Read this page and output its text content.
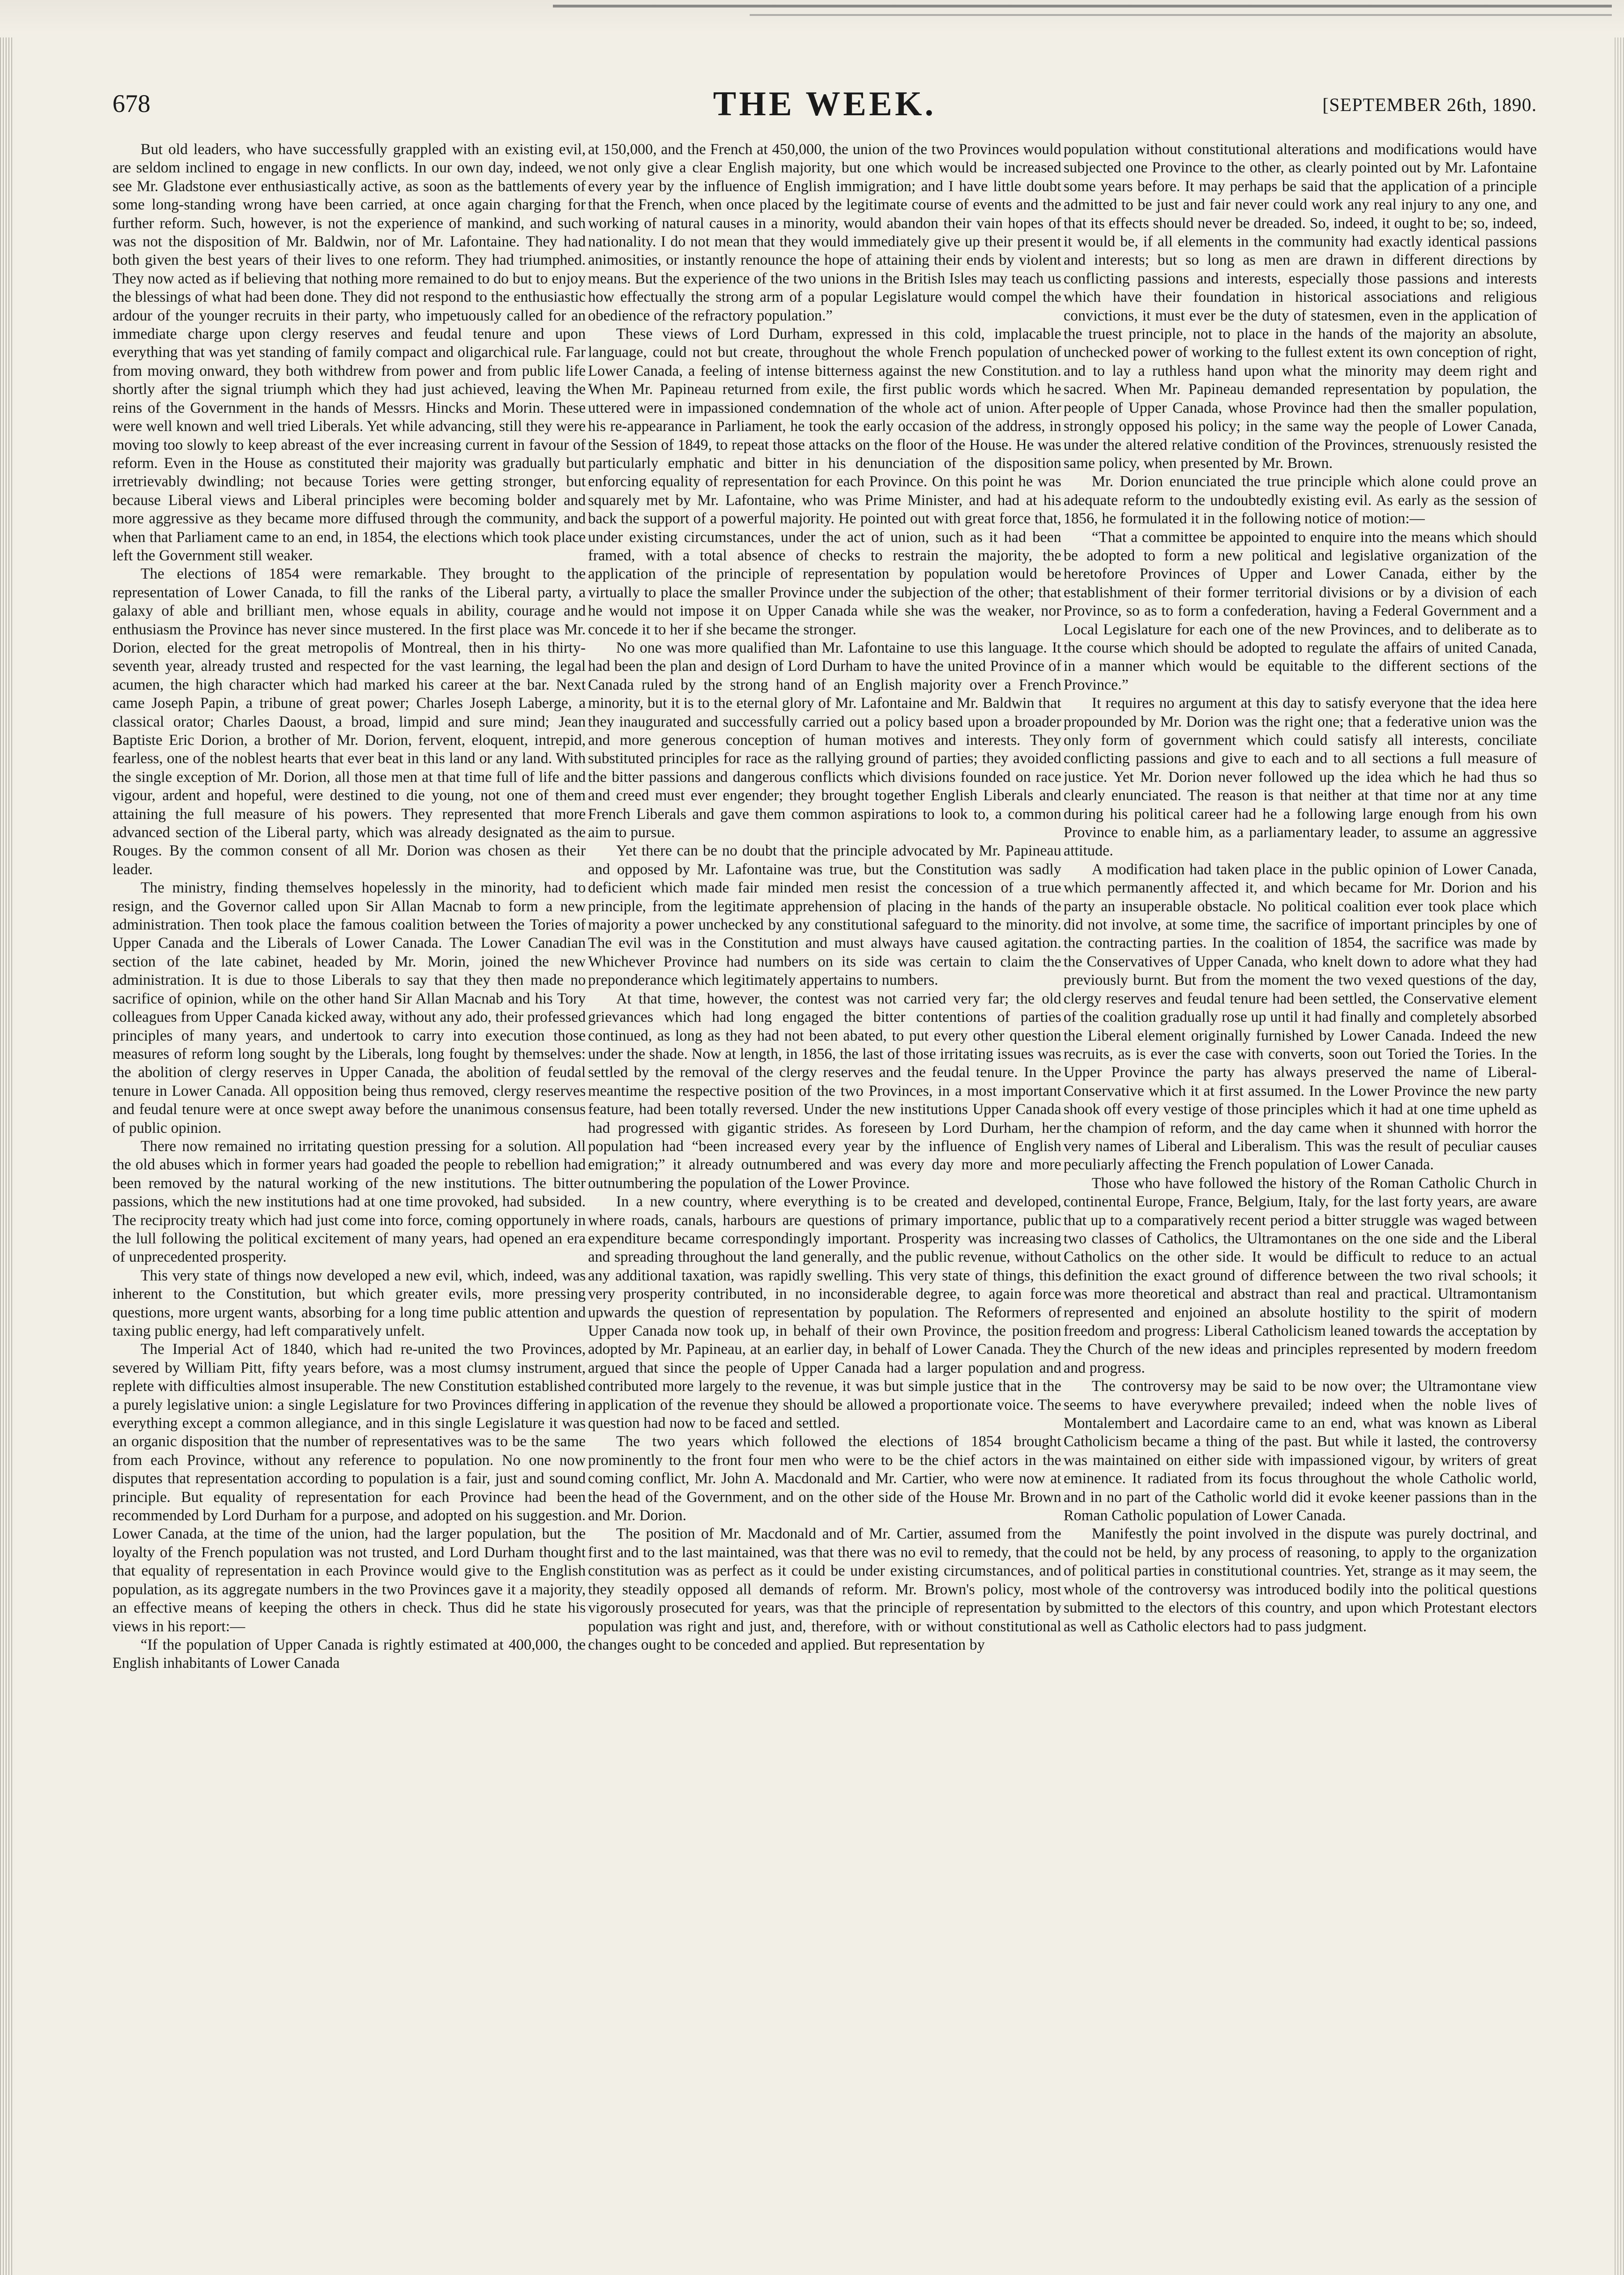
678	THE WEEK.	[SEPTEMBER 26th, 1890.

But old leaders, who have successfully grappled with an existing evil, are seldom inclined to engage in new conflicts. In our own day, indeed, we see Mr. Gladstone ever enthusiastically active, as soon as the battlements of some long-standing wrong have been carried, at once again charging for further reform. Such, however, is not the experience of mankind, and such was not the disposition of Mr. Baldwin, nor of Mr. Lafontaine. They had both given the best years of their lives to one reform. They had triumphed. They now acted as if believing that nothing more remained to do but to enjoy the blessings of what had been done. They did not respond to the enthusiastic ardour of the younger recruits in their party, who impetuously called for an immediate charge upon clergy reserves and feudal tenure and upon everything that was yet standing of family compact and oligarchical rule. Far from moving onward, they both withdrew from power and from public life shortly after the signal triumph which they had just achieved, leaving the reins of the Government in the hands of Messrs. Hincks and Morin. These were well known and well tried Liberals. Yet while advancing, still they were moving too slowly to keep abreast of the ever increasing current in favour of reform. Even in the House as constituted their majority was gradually but irretrievably dwindling; not because Tories were getting stronger, but because Liberal views and Liberal principles were becoming bolder and more aggressive as they became more diffused through the community, and when that Parliament came to an end, in 1854, the elections which took place left the Government still weaker.

The elections of 1854 were remarkable. They brought to the representation of Lower Canada, to fill the ranks of the Liberal party, a galaxy of able and brilliant men, whose equals in ability, courage and enthusiasm the Province has never since mustered. In the first place was Mr. Dorion, elected for the great metropolis of Montreal, then in his thirty-seventh year, already trusted and respected for the vast learning, the legal acumen, the high character which had marked his career at the bar. Next came Joseph Papin, a tribune of great power; Charles Joseph Laberge, a classical orator; Charles Daoust, a broad, limpid and sure mind; Jean Baptiste Eric Dorion, a brother of Mr. Dorion, fervent, eloquent, intrepid, fearless, one of the noblest hearts that ever beat in this land or any land. With the single exception of Mr. Dorion, all those men at that time full of life and vigour, ardent and hopeful, were destined to die young, not one of them attaining the full measure of his powers. They represented that more advanced section of the Liberal party, which was already designated as the Rouges. By the common consent of all Mr. Dorion was chosen as their leader.

The ministry, finding themselves hopelessly in the minority, had to resign, and the Governor called upon Sir Allan Macnab to form a new administration. Then took place the famous coalition between the Tories of Upper Canada and the Liberals of Lower Canada. The Lower Canadian section of the late cabinet, headed by Mr. Morin, joined the new administration. It is due to those Liberals to say that they then made no sacrifice of opinion, while on the other hand Sir Allan Macnab and his Tory colleagues from Upper Canada kicked away, without any ado, their professed principles of many years, and undertook to carry into execution those measures of reform long sought by the Liberals, long fought by themselves: the abolition of clergy reserves in Upper Canada, the abolition of feudal tenure in Lower Canada. All opposition being thus removed, clergy reserves and feudal tenure were at once swept away before the unanimous consensus of public opinion.

There now remained no irritating question pressing for a solution. All the old abuses which in former years had goaded the people to rebellion had been removed by the natural working of the new institutions. The bitter passions, which the new institutions had at one time provoked, had subsided. The reciprocity treaty which had just come into force, coming opportunely in the lull following the political excitement of many years, had opened an era of unprecedented prosperity.

This very state of things now developed a new evil, which, indeed, was inherent to the Constitution, but which greater evils, more pressing questions, more urgent wants, absorbing for a long time public attention and taxing public energy, had left comparatively unfelt.

The Imperial Act of 1840, which had re-united the two Provinces, severed by William Pitt, fifty years before, was a most clumsy instrument, replete with difficulties almost insuperable. The new Constitution established a purely legislative union: a single Legislature for two Provinces differing in everything except a common allegiance, and in this single Legislature it was an organic disposition that the number of representatives was to be the same from each Province, without any reference to population. No one now disputes that representation according to population is a fair, just and sound principle. But equality of representation for each Province had been recommended by Lord Durham for a purpose, and adopted on his suggestion. Lower Canada, at the time of the union, had the larger population, but the loyalty of the French population was not trusted, and Lord Durham thought that equality of representation in each Province would give to the English population, as its aggregate numbers in the two Provinces gave it a majority, an effective means of keeping the others in check. Thus did he state his views in his report:—

“If the population of Upper Canada is rightly estimated at 400,000, the English inhabitants of Lower Canada

at 150,000, and the French at 450,000, the union of the two Provinces would not only give a clear English majority, but one which would be increased every year by the influence of English immigration; and I have little doubt that the French, when once placed by the legitimate course of events and the working of natural causes in a minority, would abandon their vain hopes of nationality. I do not mean that they would immediately give up their present animosities, or instantly renounce the hope of attaining their ends by violent means. But the experience of the two unions in the British Isles may teach us how effectually the strong arm of a popular Legislature would compel the obedience of the refractory population.”

These views of Lord Durham, expressed in this cold, implacable language, could not but create, throughout the whole French population of Lower Canada, a feeling of intense bitterness against the new Constitution. When Mr. Papineau returned from exile, the first public words which he uttered were in impassioned condemnation of the whole act of union. After his re-appearance in Parliament, he took the early occasion of the address, in the Session of 1849, to repeat those attacks on the floor of the House. He was particularly emphatic and bitter in his denunciation of the disposition enforcing equality of representation for each Province. On this point he was squarely met by Mr. Lafontaine, who was Prime Minister, and had at his back the support of a powerful majority. He pointed out with great force that, under existing circumstances, under the act of union, such as it had been framed, with a total absence of checks to restrain the majority, the application of the principle of representation by population would be virtually to place the smaller Province under the subjection of the other; that he would not impose it on Upper Canada while she was the weaker, nor concede it to her if she became the stronger.

No one was more qualified than Mr. Lafontaine to use this language. It had been the plan and design of Lord Durham to have the united Province of Canada ruled by the strong hand of an English majority over a French minority, but it is to the eternal glory of Mr. Lafontaine and Mr. Baldwin that they inaugurated and successfully carried out a policy based upon a broader and more generous conception of human motives and interests. They substituted principles for race as the rallying ground of parties; they avoided the bitter passions and dangerous conflicts which divisions founded on race and creed must ever engender; they brought together English Liberals and French Liberals and gave them common aspirations to look to, a common aim to pursue.

Yet there can be no doubt that the principle advocated by Mr. Papineau and opposed by Mr. Lafontaine was true, but the Constitution was sadly deficient which made fair minded men resist the concession of a true principle, from the legitimate apprehension of placing in the hands of the majority a power unchecked by any constitutional safeguard to the minority. The evil was in the Constitution and must always have caused agitation. Whichever Province had numbers on its side was certain to claim the preponderance which legitimately appertains to numbers.

At that time, however, the contest was not carried very far; the old grievances which had long engaged the bitter contentions of parties continued, as long as they had not been abated, to put every other question under the shade. Now at length, in 1856, the last of those irritating issues was settled by the removal of the clergy reserves and the feudal tenure. In the meantime the respective position of the two Provinces, in a most important feature, had been totally reversed. Under the new institutions Upper Canada had progressed with gigantic strides. As foreseen by Lord Durham, her population had “been increased every year by the influence of English emigration;” it already outnumbered and was every day more and more outnumbering the population of the Lower Province.

In a new country, where everything is to be created and developed, where roads, canals, harbours are questions of primary importance, public expenditure became correspondingly important. Prosperity was increasing and spreading throughout the land generally, and the public revenue, without any additional taxation, was rapidly swelling. This very state of things, this very prosperity contributed, in no inconsiderable degree, to again force upwards the question of representation by population. The Reformers of Upper Canada now took up, in behalf of their own Province, the position adopted by Mr. Papineau, at an earlier day, in behalf of Lower Canada. They argued that since the people of Upper Canada had a larger population and contributed more largely to the revenue, it was but simple justice that in the application of the revenue they should be allowed a proportionate voice. The question had now to be faced and settled.

The two years which followed the elections of 1854 brought prominently to the front four men who were to be the chief actors in the coming conflict, Mr. John A. Macdonald and Mr. Cartier, who were now at the head of the Government, and on the other side of the House Mr. Brown and Mr. Dorion.

The position of Mr. Macdonald and of Mr. Cartier, assumed from the first and to the last maintained, was that there was no evil to remedy, that the constitution was as perfect as it could be under existing circumstances, and they steadily opposed all demands of reform. Mr. Brown's policy, most vigorously prosecuted for years, was that the principle of representation by population was right and just, and, therefore, with or without constitutional changes ought to be conceded and applied. But representation by

population without constitutional alterations and modifications would have subjected one Province to the other, as clearly pointed out by Mr. Lafontaine some years before. It may perhaps be said that the application of a principle admitted to be just and fair never could work any real injury to any one, and that its effects should never be dreaded. So, indeed, it ought to be; so, indeed, it would be, if all elements in the community had exactly identical passions and interests; but so long as men are drawn in different directions by conflicting passions and interests, especially those passions and interests which have their foundation in historical associations and religious convictions, it must ever be the duty of statesmen, even in the application of the truest principle, not to place in the hands of the majority an absolute, unchecked power of working to the fullest extent its own conception of right, and to lay a ruthless hand upon what the minority may deem right and sacred. When Mr. Papineau demanded representation by population, the people of Upper Canada, whose Province had then the smaller population, strongly opposed his policy; in the same way the people of Lower Canada, under the altered relative condition of the Provinces, strenuously resisted the same policy, when presented by Mr. Brown.

Mr. Dorion enunciated the true principle which alone could prove an adequate reform to the undoubtedly existing evil. As early as the session of 1856, he formulated it in the following notice of motion:—

“That a committee be appointed to enquire into the means which should be adopted to form a new political and legislative organization of the heretofore Provinces of Upper and Lower Canada, either by the establishment of their former territorial divisions or by a division of each Province, so as to form a confederation, having a Federal Government and a Local Legislature for each one of the new Provinces, and to deliberate as to the course which should be adopted to regulate the affairs of united Canada, in a manner which would be equitable to the different sections of the Province.”

It requires no argument at this day to satisfy everyone that the idea here propounded by Mr. Dorion was the right one; that a federative union was the only form of government which could satisfy all interests, conciliate conflicting passions and give to each and to all sections a full measure of justice. Yet Mr. Dorion never followed up the idea which he had thus so clearly enunciated. The reason is that neither at that time nor at any time during his political career had he a following large enough from his own Province to enable him, as a parliamentary leader, to assume an aggressive attitude.

A modification had taken place in the public opinion of Lower Canada, which permanently affected it, and which became for Mr. Dorion and his party an insuperable obstacle. No political coalition ever took place which did not involve, at some time, the sacrifice of important principles by one of the contracting parties. In the coalition of 1854, the sacrifice was made by the Conservatives of Upper Canada, who knelt down to adore what they had previously burnt. But from the moment the two vexed questions of the day, clergy reserves and feudal tenure had been settled, the Conservative element of the coalition gradually rose up until it had finally and completely absorbed the Liberal element originally furnished by Lower Canada. Indeed the new recruits, as is ever the case with converts, soon out Toried the Tories. In the Upper Province the party has always preserved the name of Liberal-Conservative which it at first assumed. In the Lower Province the new party shook off every vestige of those principles which it had at one time upheld as the champion of reform, and the day came when it shunned with horror the very names of Liberal and Liberalism. This was the result of peculiar causes peculiarly affecting the French population of Lower Canada.

Those who have followed the history of the Roman Catholic Church in continental Europe, France, Belgium, Italy, for the last forty years, are aware that up to a comparatively recent period a bitter struggle was waged between two classes of Catholics, the Ultramontanes on the one side and the Liberal Catholics on the other side. It would be difficult to reduce to an actual definition the exact ground of difference between the two rival schools; it was more theoretical and abstract than real and practical. Ultramontanism represented and enjoined an absolute hostility to the spirit of modern freedom and progress: Liberal Catholicism leaned towards the acceptation by the Church of the new ideas and principles represented by modern freedom and progress.

The controversy may be said to be now over; the Ultramontane view seems to have everywhere prevailed; indeed when the noble lives of Montalembert and Lacordaire came to an end, what was known as Liberal Catholicism became a thing of the past. But while it lasted, the controversy was maintained on either side with impassioned vigour, by writers of great eminence. It radiated from its focus throughout the whole Catholic world, and in no part of the Catholic world did it evoke keener passions than in the Roman Catholic population of Lower Canada.

Manifestly the point involved in the dispute was purely doctrinal, and could not be held, by any process of reasoning, to apply to the organization of political parties in constitutional countries. Yet, strange as it may seem, the whole of the controversy was introduced bodily into the political questions submitted to the electors of this country, and upon which Protestant electors as well as Catholic electors had to pass judgment.
